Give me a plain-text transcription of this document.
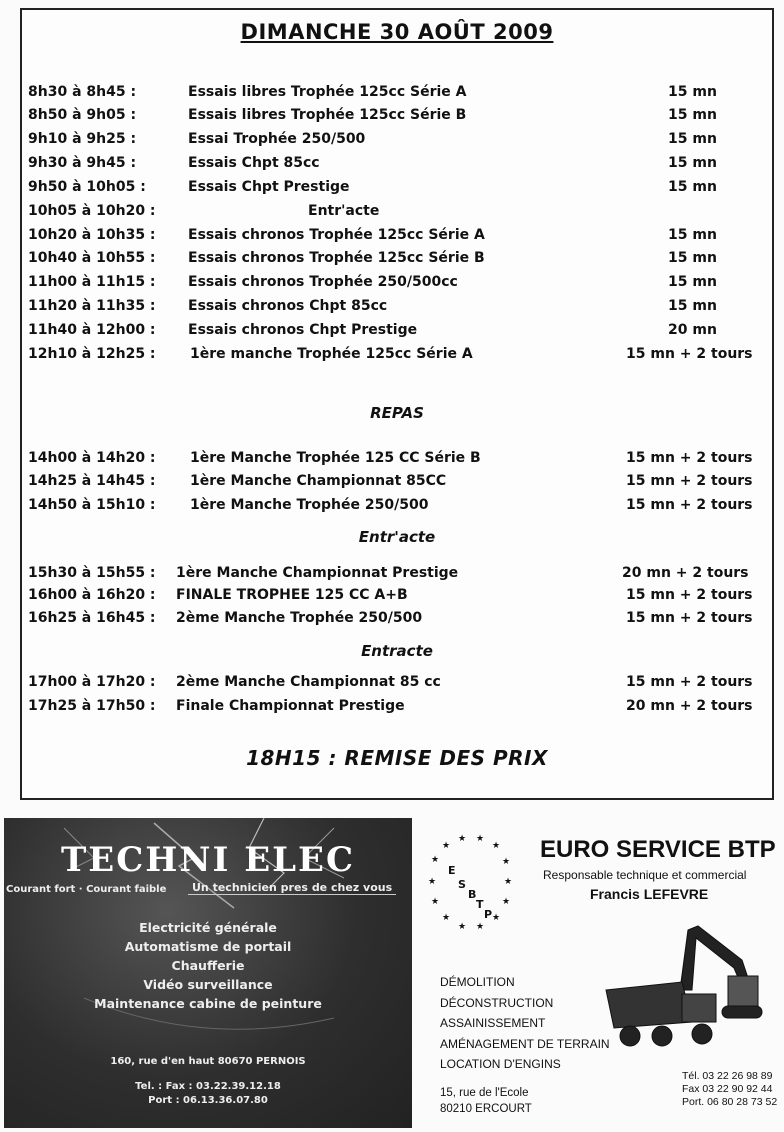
DIMANCHE 30 AOÛT 2009
8h30 à 8h45 :	Essais libres Trophée 125cc Série A	15 mn
8h50 à 9h05 :	Essais libres Trophée 125cc Série B	15 mn
9h10 à 9h25 :	Essai Trophée 250/500	15 mn
9h30 à 9h45 :	Essais Chpt 85cc	15 mn
9h50 à 10h05 :	Essais Chpt Prestige	15 mn
10h05 à 10h20 :	Entr'acte
10h20 à 10h35 : Essais chronos Trophée 125cc Série A	15 mn
10h40 à 10h55 : Essais chronos Trophée 125cc Série B	15 mn
11h00 à 11h15 : Essais chronos Trophée 250/500cc	15 mn
11h20 à 11h35 : Essais chronos Chpt 85cc	15 mn
11h40 à 12h00 : Essais chronos Chpt Prestige	20 mn
12h10 à 12h25 : 1ère manche Trophée 125cc Série A	15 mn + 2 tours
REPAS
14h00 à 14h20 : 1ère Manche Trophée 125 CC Série B	15 mn + 2 tours
14h25 à 14h45 : 1ère Manche Championnat 85CC	15 mn + 2 tours
14h50 à 15h10 : 1ère Manche Trophée 250/500	15 mn + 2 tours
Entr'acte
15h30 à 15h55 : 1ère Manche Championnat Prestige	20 mn + 2 tours
16h00 à 16h20 : FINALE TROPHEE 125 CC A+B	15 mn + 2 tours
16h25 à 16h45 : 2ème Manche Trophée 250/500	15 mn + 2 tours
Entracte
17h00 à 17h20 : 2ème Manche Championnat 85 cc	15 mn + 2 tours
17h25 à 17h50 : Finale Championnat Prestige	20 mn + 2 tours
18H15 : REMISE DES PRIX
TECHNI ELEC
Courant fort · Courant faible	Un technicien pres de chez vous
Electricité générale
Automatisme de portail
Chaufferie
Vidéo surveillance
Maintenance cabine de peinture
160, rue d'en haut 80670 PERNOIS
Tel. : Fax : 03.22.39.12.18
Port : 06.13.36.07.80
★
★
★ ★
★
★
★
★
★
★
★
★
★
★
E
S
B
T
P
EURO SERVICE BTP
Responsable technique et commercial
Francis LEFEVRE
DÉMOLITION
DÉCONSTRUCTION
ASSAINISSEMENT
AMÉNAGEMENT DE TERRAIN
LOCATION D'ENGINS
15, rue de l'Ecole
80210 ERCOURT
Tél. 03 22 26 98 89
Fax 03 22 90 92 44
Port. 06 80 28 73 52
